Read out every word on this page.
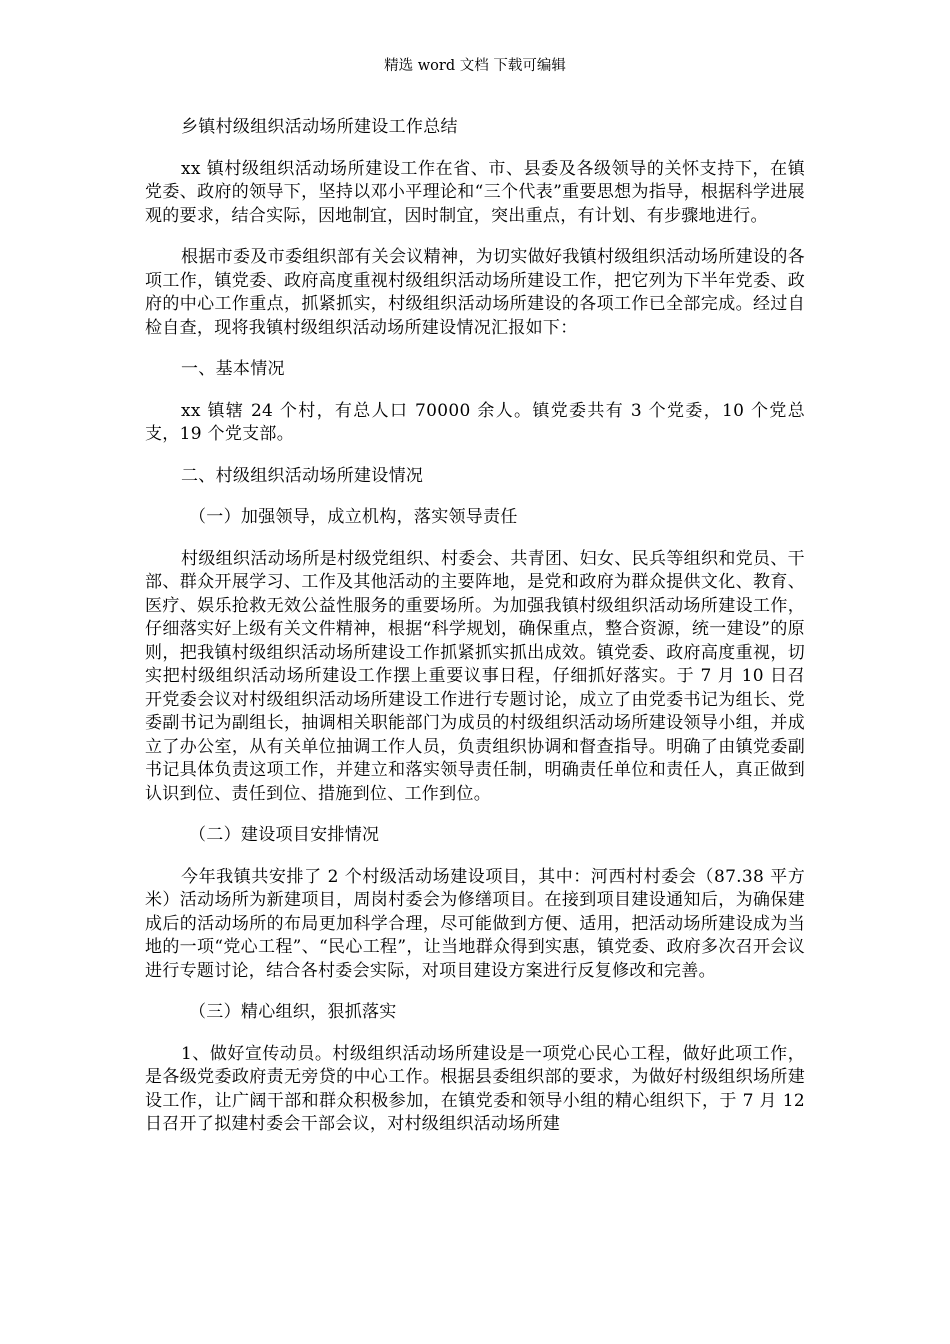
精选 word 文档 下载可编辑

乡镇村级组织活动场所建设工作总结

xx 镇村级组织活动场所建设工作在省、市、县委及各级领导的关怀支持下，在镇党委、政府的领导下，坚持以邓小平理论和“三个代表”重要思想为指导，根据科学进展观的要求，结合实际，因地制宜，因时制宜，突出重点，有计划、有步骤地进行。

根据市委及市委组织部有关会议精神，为切实做好我镇村级组织活动场所建设的各项工作，镇党委、政府高度重视村级组织活动场所建设工作，把它列为下半年党委、政府的中心工作重点，抓紧抓实，村级组织活动场所建设的各项工作已全部完成。经过自检自查，现将我镇村级组织活动场所建设情况汇报如下：

一、基本情况

xx 镇辖 24 个村，有总人口 70000 余人。镇党委共有 3 个党委，10 个党总支，19 个党支部。

二、村级组织活动场所建设情况

（一）加强领导，成立机构，落实领导责任

村级组织活动场所是村级党组织、村委会、共青团、妇女、民兵等组织和党员、干部、群众开展学习、工作及其他活动的主要阵地，是党和政府为群众提供文化、教育、医疗、娱乐抢救无效公益性服务的重要场所。为加强我镇村级组织活动场所建设工作，仔细落实好上级有关文件精神，根据“科学规划，确保重点，整合资源，统一建设”的原则，把我镇村级组织活动场所建设工作抓紧抓实抓出成效。镇党委、政府高度重视，切实把村级组织活动场所建设工作摆上重要议事日程，仔细抓好落实。于 7 月 10 日召开党委会议对村级组织活动场所建设工作进行专题讨论，成立了由党委书记为组长、党委副书记为副组长，抽调相关职能部门为成员的村级组织活动场所建设领导小组，并成立了办公室，从有关单位抽调工作人员，负责组织协调和督查指导。明确了由镇党委副书记具体负责这项工作，并建立和落实领导责任制，明确责任单位和责任人，真正做到认识到位、责任到位、措施到位、工作到位。

（二）建设项目安排情况

今年我镇共安排了 2 个村级活动场建设项目，其中：河西村村委会（87.38 平方米）活动场所为新建项目，周岗村委会为修缮项目。在接到项目建设通知后，为确保建成后的活动场所的布局更加科学合理，尽可能做到方便、适用，把活动场所建设成为当地的一项“党心工程”、“民心工程”，让当地群众得到实惠，镇党委、政府多次召开会议进行专题讨论，结合各村委会实际，对项目建设方案进行反复修改和完善。

（三）精心组织，狠抓落实

1、做好宣传动员。村级组织活动场所建设是一项党心民心工程，做好此项工作，是各级党委政府责无旁贷的中心工作。根据县委组织部的要求，为做好村级组织场所建设工作，让广阔干部和群众积极参加，在镇党委和领导小组的精心组织下，于 7 月 12 日召开了拟建村委会干部会议，对村级组织活动场所建
